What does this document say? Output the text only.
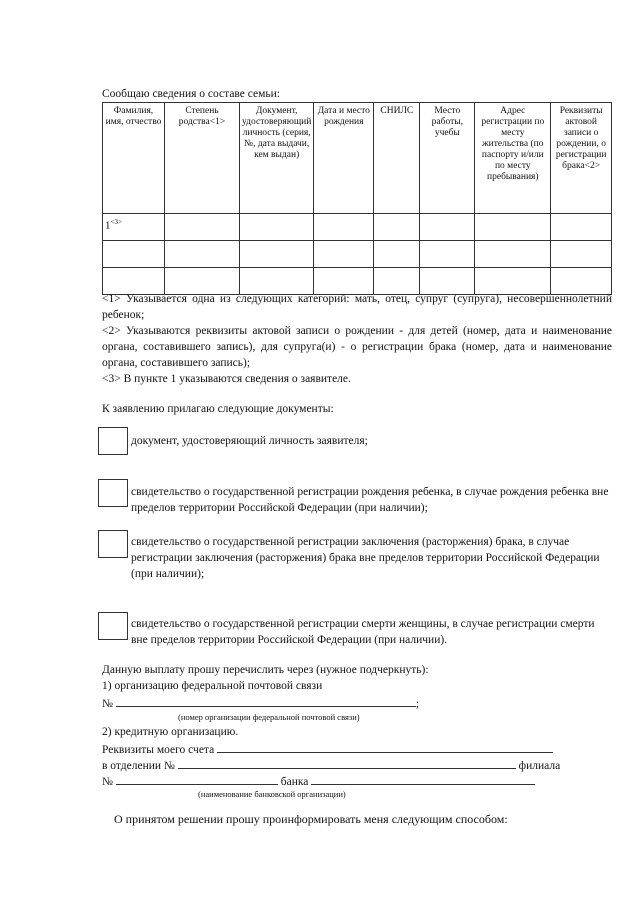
Сообщаю сведения о составе семьи:
Фамилия, имя, отчество	Степень родства<1>	Документ, удостоверяющий личность (серия, №, дата выдачи, кем выдан)	Дата и место рождения	СНИЛС	Место работы, учебы	Адрес регистрации по месту жительства (по паспорту и/или по месту пребывания)	Реквизиты актовой записи о рождении, о регистрации брака<2>
$1^{<3>}$							

<1> Указывается одна из следующих категорий: мать, отец, супруг (супруга), несовершеннолетний ребенок;
<2> Указываются реквизиты актовой записи о рождении - для детей (номер, дата и наименование органа, составившего запись), для супруга(и) - о регистрации брака (номер, дата и наименование органа, составившего запись);
<3> В пункте 1 указываются сведения о заявителе.
К заявлению прилагаю следующие документы:
документ, удостоверяющий личность заявителя;
свидетельство о государственной регистрации рождения ребенка, в случае рождения ребенка вне пределов территории Российской Федерации (при наличии);
свидетельство о государственной регистрации заключения (расторжения) брака, в случае регистрации заключения (расторжения) брака вне пределов территории Российской Федерации (при наличии);
свидетельство о государственной регистрации смерти женщины, в случае регистрации смерти вне пределов территории Российской Федерации (при наличии).
Данную выплату прошу перечислить через (нужное подчеркнуть):
1) организацию федеральной почтовой связи
№	;
(номер организации федеральной почтовой связи)
2) кредитную организацию.
Реквизиты моего счета
в отделении №	филиала
№	банка
(наименование банковской организации)
О принятом решении прошу проинформировать меня следующим способом:
